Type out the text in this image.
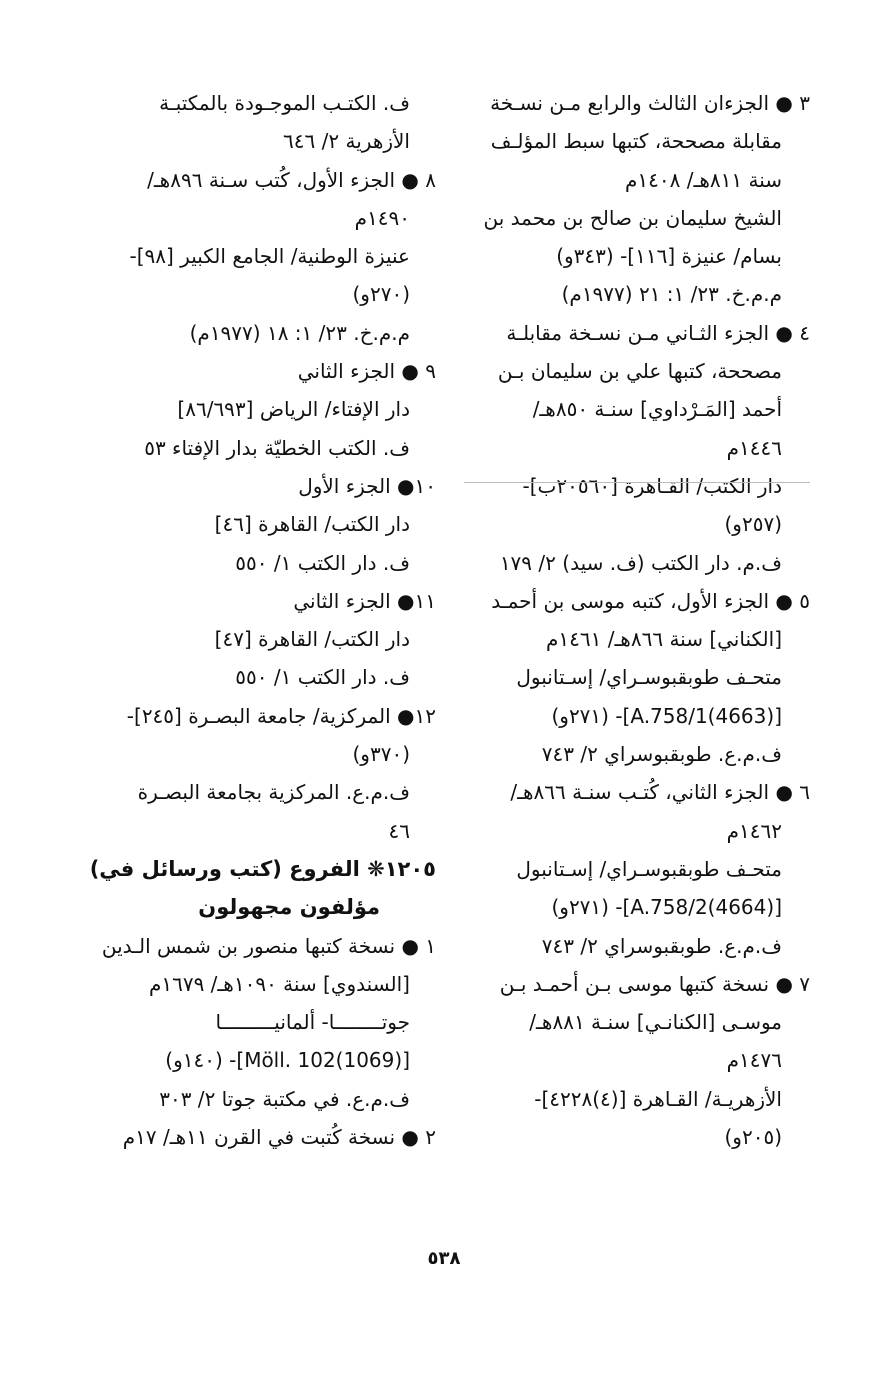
٣ ● الجزءان الثالث والرابع مـن نسـخة
مقابلة مصححة، كتبها سبط المؤلـف
سنة ٨١١هـ/ ١٤٠٨م
الشيخ سليمان بن صالح بن محمد بن
بسام/ عنيزة [١١٦]- (٣٤٣و)
م.م.خ. ٢٣/ ١: ٢١ (١٩٧٧م)
٤ ● الجزء الثـاني مـن نسـخة مقابلـة
مصححة، كتبها علي بن سليمان بـن
أحمد [المَـرْداوي] سنـة ٨٥٠هـ/
١٤٤٦م
دار الكتب/ القـاهرة [٢٠٥٦٠ب]-
(٢٥٧و)
ف.م. دار الكتب (ف. سيد) ٢/ ١٧٩
٥ ● الجزء الأول، كتبه موسى بن أحمـد
[الكناني] سنة ٨٦٦هـ/ ١٤٦١م
متحـف طوبقبوسـراي/ إسـتانبول
[A.758/1(4663)]- (٢٧١و)
ف.م.ع. طوبقبوسراي ٢/ ٧٤٣
٦ ● الجزء الثاني، كُتـب سنـة ٨٦٦هـ/
١٤٦٢م
متحـف طوبقبوسـراي/ إسـتانبول
[A.758/2(4664)]- (٢٧١و)
ف.م.ع. طوبقبوسراي ٢/ ٧٤٣
٧ ● نسخة كتبها موسى بـن أحمـد بـن
موسـى [الكنانـي] سنـة ٨٨١هـ/
١٤٧٦م
الأزهريـة/ القـاهرة [(٤)٤٢٢٨]-
(٢٠٥و)
ف. الكتـب الموجـودة بالمكتبـة
الأزهرية ٢/ ٦٤٦
٨ ● الجزء الأول، كُتب سـنة ٨٩٦هـ/
١٤٩٠م
عنيزة الوطنية/ الجامع الكبير [٩٨]-
(٢٧٠و)
م.م.خ. ٢٣/ ١: ١٨ (١٩٧٧م)
٩ ● الجزء الثاني
دار الإفتاء/ الرياض [٨٦/٦٩٣]
ف. الكتب الخطيّة بدار الإفتاء ٥٣
١٠● الجزء الأول
دار الكتب/ القاهرة [٤٦]
ف. دار الكتب ١/ ٥٥٠
١١● الجزء الثاني
دار الكتب/ القاهرة [٤٧]
ف. دار الكتب ١/ ٥٥٠
١٢● المركزية/ جامعة البصـرة [٢٤٥]-
(٣٧٠و)
ف.م.ع. المركزية بجامعة البصـرة
٤٦
١٢٠٥❋ الفروع (كتب ورسائل في)
مؤلفون مجهولون
١ ● نسخة كتبها منصور بن شمس الـدين
[السندوي] سنة ١٠٩٠هـ/ ١٦٧٩م
جوتــــــــا- ألمانيـــــــــا
[Möll. 102(1069)]- (١٤٠و)
ف.م.ع. في مكتبة جوتا ٢/ ٣٠٣
٢ ● نسخة كُتبت في القرن ١١هـ/ ١٧م
٥٣٨
